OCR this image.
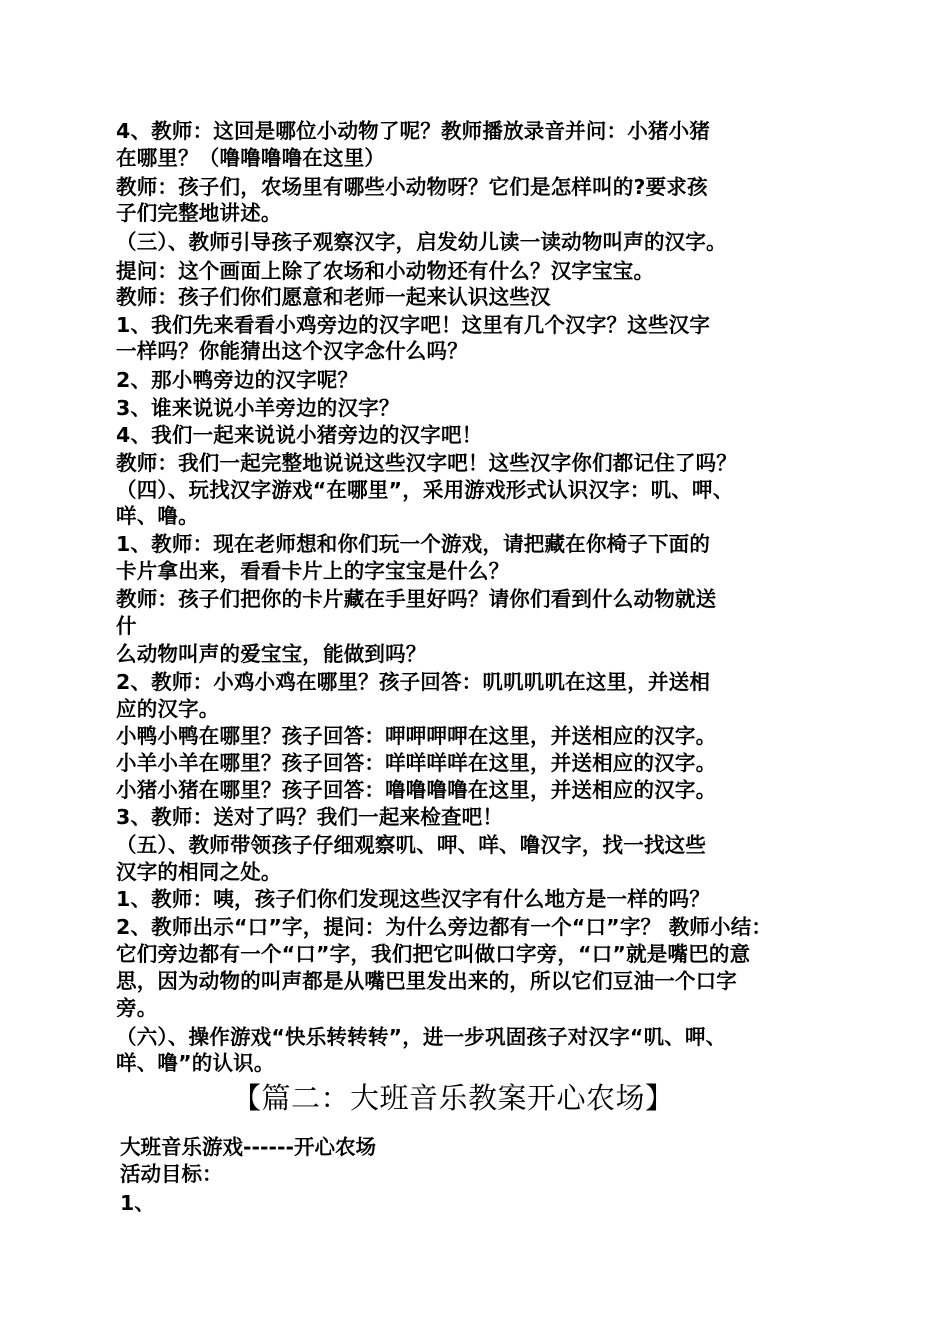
4、教师：这回是哪位小动物了呢？教师播放录音并问：小猪小猪
在哪里？（噜噜噜噜在这里）
教师：孩子们，农场里有哪些小动物呀？它们是怎样叫的?要求孩
子们完整地讲述。
（三）、教师引导孩子观察汉字，启发幼儿读一读动物叫声的汉字。
提问：这个画面上除了农场和小动物还有什么？汉字宝宝。
教师：孩子们你们愿意和老师一起来认识这些汉
1、我们先来看看小鸡旁边的汉字吧！这里有几个汉字？这些汉字
一样吗？你能猜出这个汉字念什么吗？
2、那小鸭旁边的汉字呢？
3、谁来说说小羊旁边的汉字？
4、我们一起来说说小猪旁边的汉字吧！
教师：我们一起完整地说说这些汉字吧！这些汉字你们都记住了吗？
（四）、玩找汉字游戏“在哪里”，采用游戏形式认识汉字：叽、呷、
咩、噜。
1、教师：现在老师想和你们玩一个游戏，请把藏在你椅子下面的
卡片拿出来，看看卡片上的字宝宝是什么？
教师：孩子们把你的卡片藏在手里好吗？请你们看到什么动物就送
什
么动物叫声的爱宝宝，能做到吗？
2、教师：小鸡小鸡在哪里？孩子回答：叽叽叽叽在这里，并送相
应的汉字。
小鸭小鸭在哪里？孩子回答：呷呷呷呷在这里，并送相应的汉字。
小羊小羊在哪里？孩子回答：咩咩咩咩在这里，并送相应的汉字。
小猪小猪在哪里？孩子回答：噜噜噜噜在这里，并送相应的汉字。
3、教师：送对了吗？我们一起来检查吧！
（五）、教师带领孩子仔细观察叽、呷、咩、噜汉字，找一找这些
汉字的相同之处。
1、教师：咦，孩子们你们发现这些汉字有什么地方是一样的吗？
2、教师出示“口”字，提问：为什么旁边都有一个“口”字？ 教师小结：
它们旁边都有一个“口”字，我们把它叫做口字旁，“口”就是嘴巴的意
思，因为动物的叫声都是从嘴巴里发出来的，所以它们豆油一个口字
旁。
（六）、操作游戏“快乐转转转”，进一步巩固孩子对汉字“叽、呷、
咩、噜”的认识。
【篇二：大班音乐教案开心农场】
大班音乐游戏------开心农场
活动目标：
1、
